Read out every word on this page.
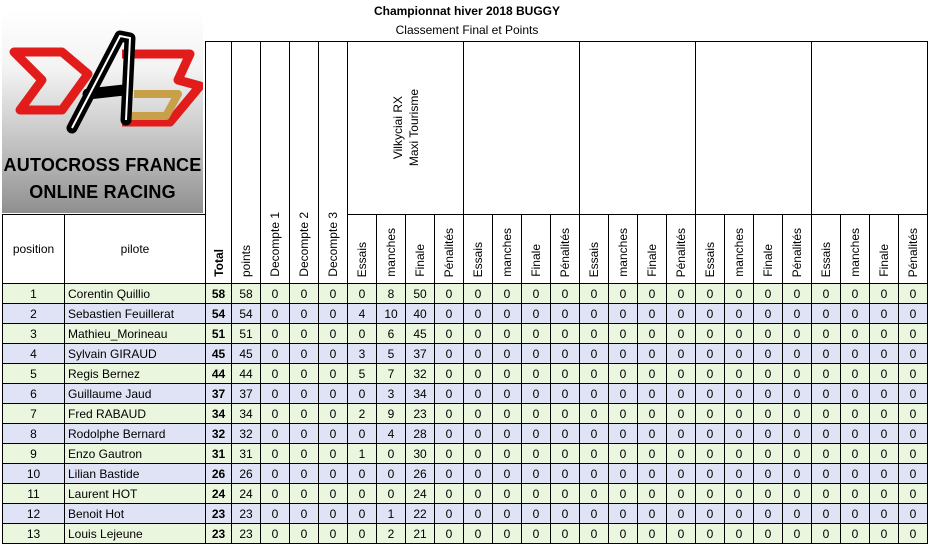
Championnat hiver 2018 BUGGY
Classement Final et Points

		Total	points	Decompte 1	Decompte 2	Decompte 3	Vilkyciai RX Maxi Tourisme																			

position	pilote						Essais	manches	Finale	Pénalités	Essais	manches	Finale	Pénalités	Essais	manches	Finale	Pénalités	Essais	manches	Finale	Pénalités	Essais	manches	Finale	Pénalités

1	Corentin Quillio	58	58	0	0	0	0	8	50	0	0	0	0	0	0	0	0	0	0	0	0	0	0	0	0	0
2	Sebastien Feuillerat	54	54	0	0	0	4	10	40	0	0	0	0	0	0	0	0	0	0	0	0	0	0	0	0	0
3	Mathieu_Morineau	51	51	0	0	0	0	6	45	0	0	0	0	0	0	0	0	0	0	0	0	0	0	0	0	0
4	Sylvain GIRAUD	45	45	0	0	0	3	5	37	0	0	0	0	0	0	0	0	0	0	0	0	0	0	0	0	0
5	Regis Bernez	44	44	0	0	0	5	7	32	0	0	0	0	0	0	0	0	0	0	0	0	0	0	0	0	0
6	Guillaume Jaud	37	37	0	0	0	0	3	34	0	0	0	0	0	0	0	0	0	0	0	0	0	0	0	0	0
7	Fred RABAUD	34	34	0	0	0	2	9	23	0	0	0	0	0	0	0	0	0	0	0	0	0	0	0	0	0
8	Rodolphe Bernard	32	32	0	0	0	0	4	28	0	0	0	0	0	0	0	0	0	0	0	0	0	0	0	0	0
9	Enzo Gautron	31	31	0	0	0	1	0	30	0	0	0	0	0	0	0	0	0	0	0	0	0	0	0	0	0
10	Lilian Bastide	26	26	0	0	0	0	0	26	0	0	0	0	0	0	0	0	0	0	0	0	0	0	0	0	0
11	Laurent HOT	24	24	0	0	0	0	0	24	0	0	0	0	0	0	0	0	0	0	0	0	0	0	0	0	0
12	Benoit Hot	23	23	0	0	0	0	1	22	0	0	0	0	0	0	0	0	0	0	0	0	0	0	0	0	0
13	Louis Lejeune	23	23	0	0	0	0	2	21	0	0	0	0	0	0	0	0	0	0	0	0	0	0	0	0	0
AUTOCROSS FRANCE
ONLINE RACING
